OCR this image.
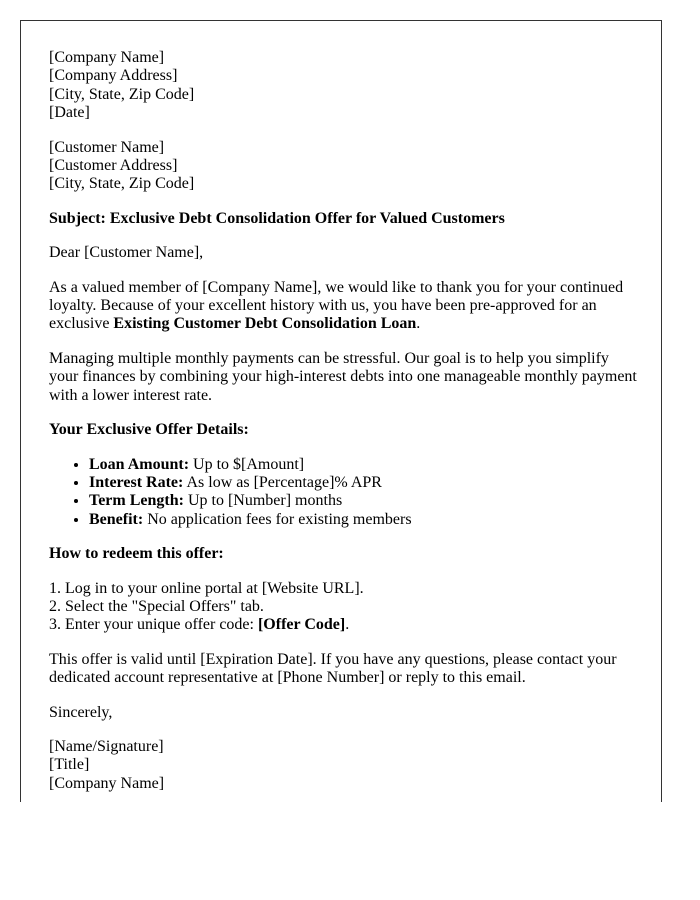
[Company Name]
[Company Address]
[City, State, Zip Code]
[Date]

[Customer Name]
[Customer Address]
[City, State, Zip Code]

Subject: Exclusive Debt Consolidation Offer for Valued Customers

Dear [Customer Name],

As a valued member of [Company Name], we would like to thank you for your continued loyalty. Because of your excellent history with us, you have been pre-approved for an exclusive Existing Customer Debt Consolidation Loan.

Managing multiple monthly payments can be stressful. Our goal is to help you simplify your finances by combining your high-interest debts into one manageable monthly payment with a lower interest rate.

Your Exclusive Offer Details:

• Loan Amount: Up to $[Amount]
• Interest Rate: As low as [Percentage]% APR
• Term Length: Up to [Number] months
• Benefit: No application fees for existing members

How to redeem this offer:

1. Log in to your online portal at [Website URL].
2. Select the "Special Offers" tab.
3. Enter your unique offer code: [Offer Code].

This offer is valid until [Expiration Date]. If you have any questions, please contact your dedicated account representative at [Phone Number] or reply to this email.

Sincerely,

[Name/Signature]
[Title]
[Company Name]
